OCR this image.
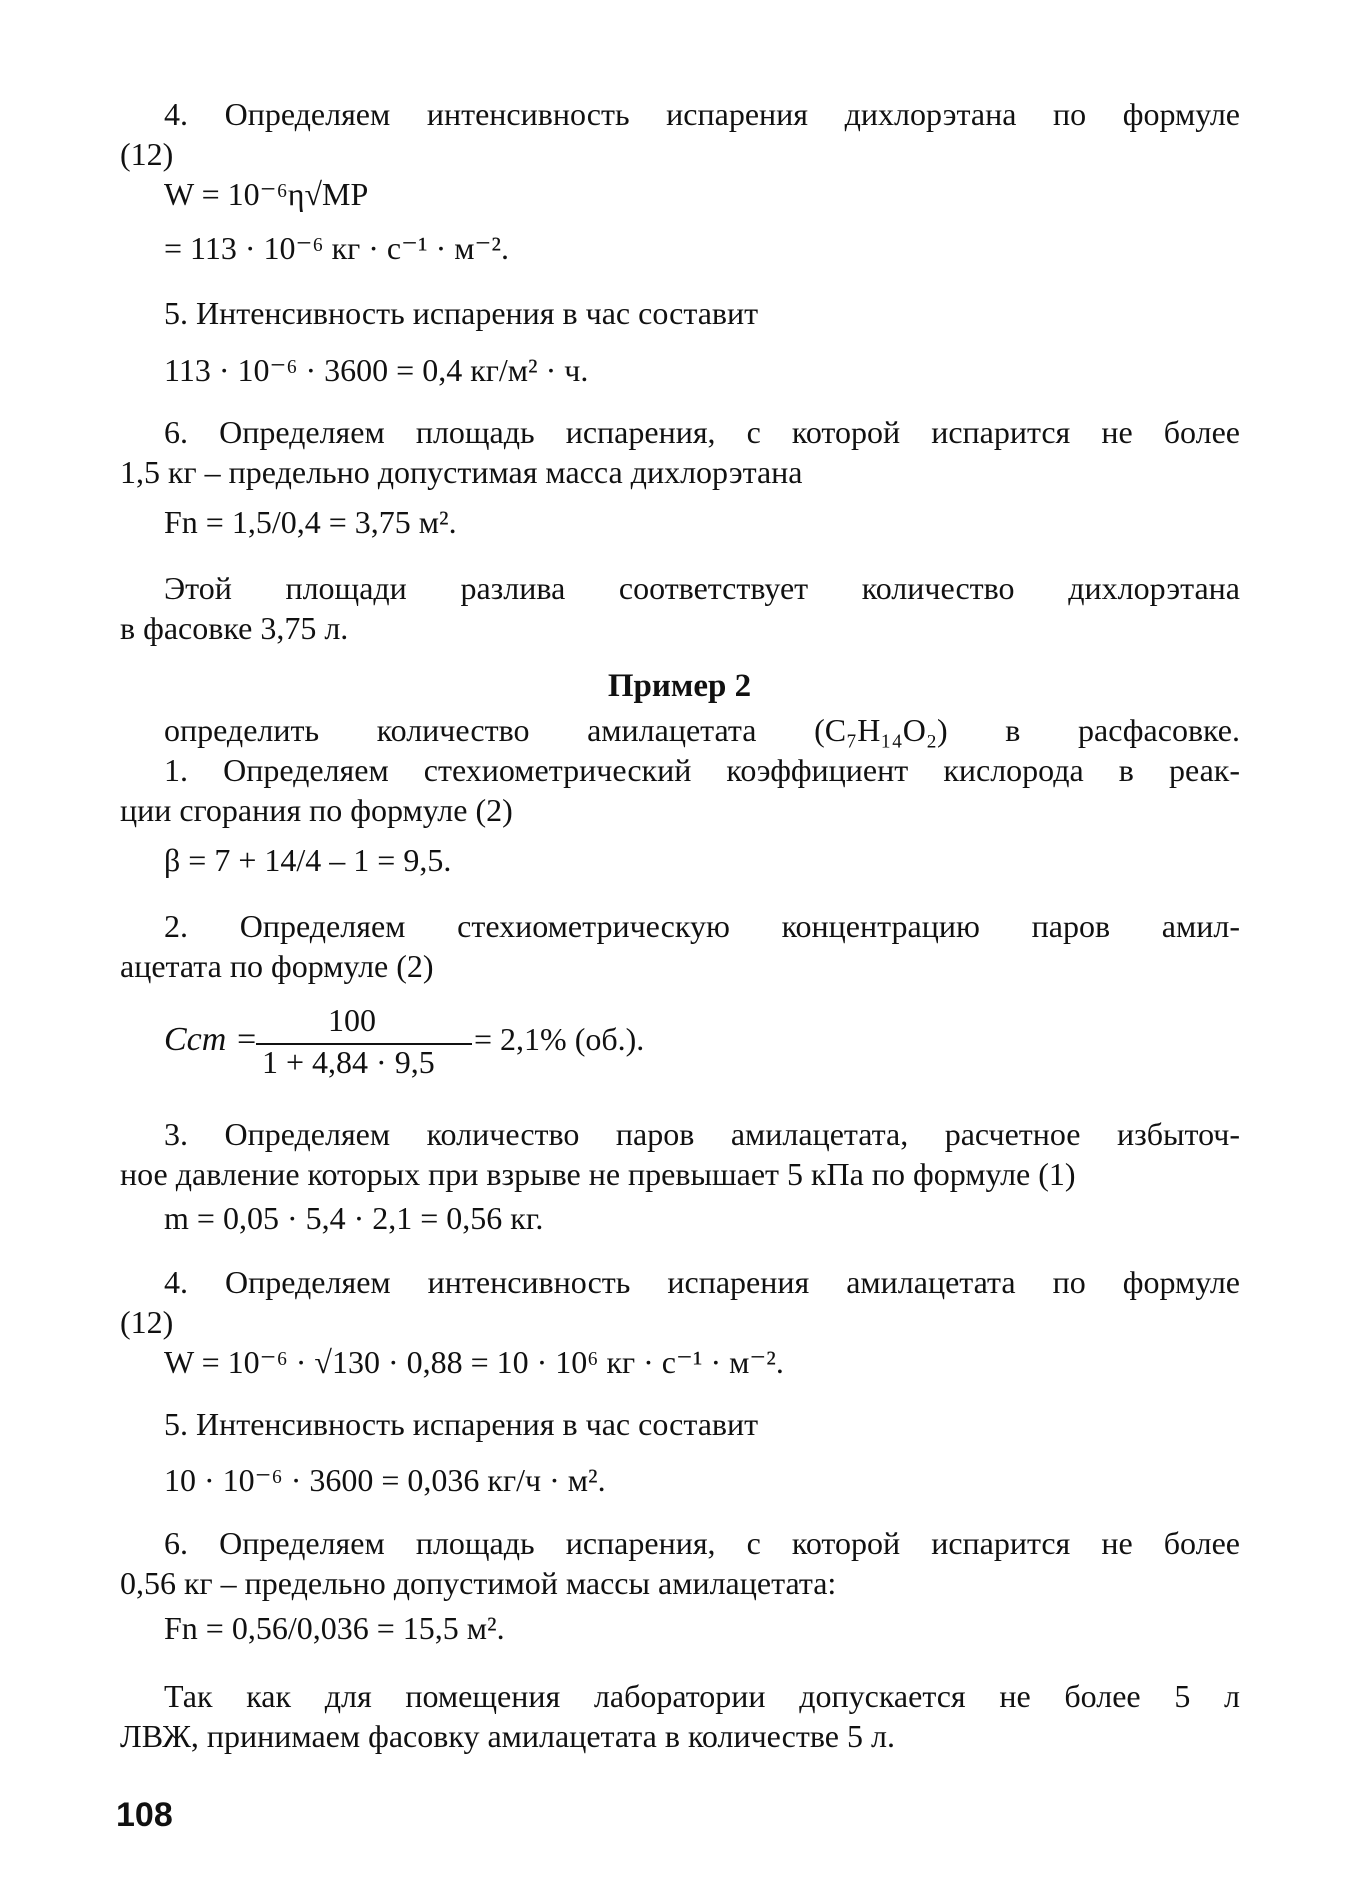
4. Определяем интенсивность испарения дихлорэтана по формуле
(12)
W = 10⁻⁶η√MP
= 113 · 10⁻⁶ кг · с⁻¹ · м⁻².
5. Интенсивность испарения в час составит
113 · 10⁻⁶ · 3600 = 0,4 кг/м² · ч.
6. Определяем площадь испарения, с которой испарится не более
1,5 кг – предельно допустимая масса дихлорэтана
Fn = 1,5/0,4 = 3,75 м².
Этой площади разлива соответствует количество дихлорэтана
в фасовке 3,75 л.
Пример 2
определить количество амилацетата (C₇H₁₄O₂) в расфасовке.
1. Определяем стехиометрический коэффициент кислорода в реак-
ции сгорания по формуле (2)
β = 7 + 14/4 – 1 = 9,5.
2. Определяем стехиометрическую концентрацию паров амил-
ацетата по формуле (2)
Cст =
100
1 + 4,84 · 9,5
= 2,1% (об.).
3. Определяем количество паров амилацетата, расчетное избыточ-
ное давление которых при взрыве не превышает 5 кПа по формуле (1)
m = 0,05 · 5,4 · 2,1 = 0,56 кг.
4. Определяем интенсивность испарения амилацетата по формуле
(12)
W = 10⁻⁶ · √130 · 0,88 = 10 · 10⁶ кг · с⁻¹ · м⁻².
5. Интенсивность испарения в час составит
10 · 10⁻⁶ · 3600 = 0,036 кг/ч · м².
6. Определяем площадь испарения, с которой испарится не более
0,56 кг – предельно допустимой массы амилацетата:
Fn = 0,56/0,036 = 15,5 м².
Так как для помещения лаборатории допускается не более 5 л
ЛВЖ, принимаем фасовку амилацетата в количестве 5 л.
108
